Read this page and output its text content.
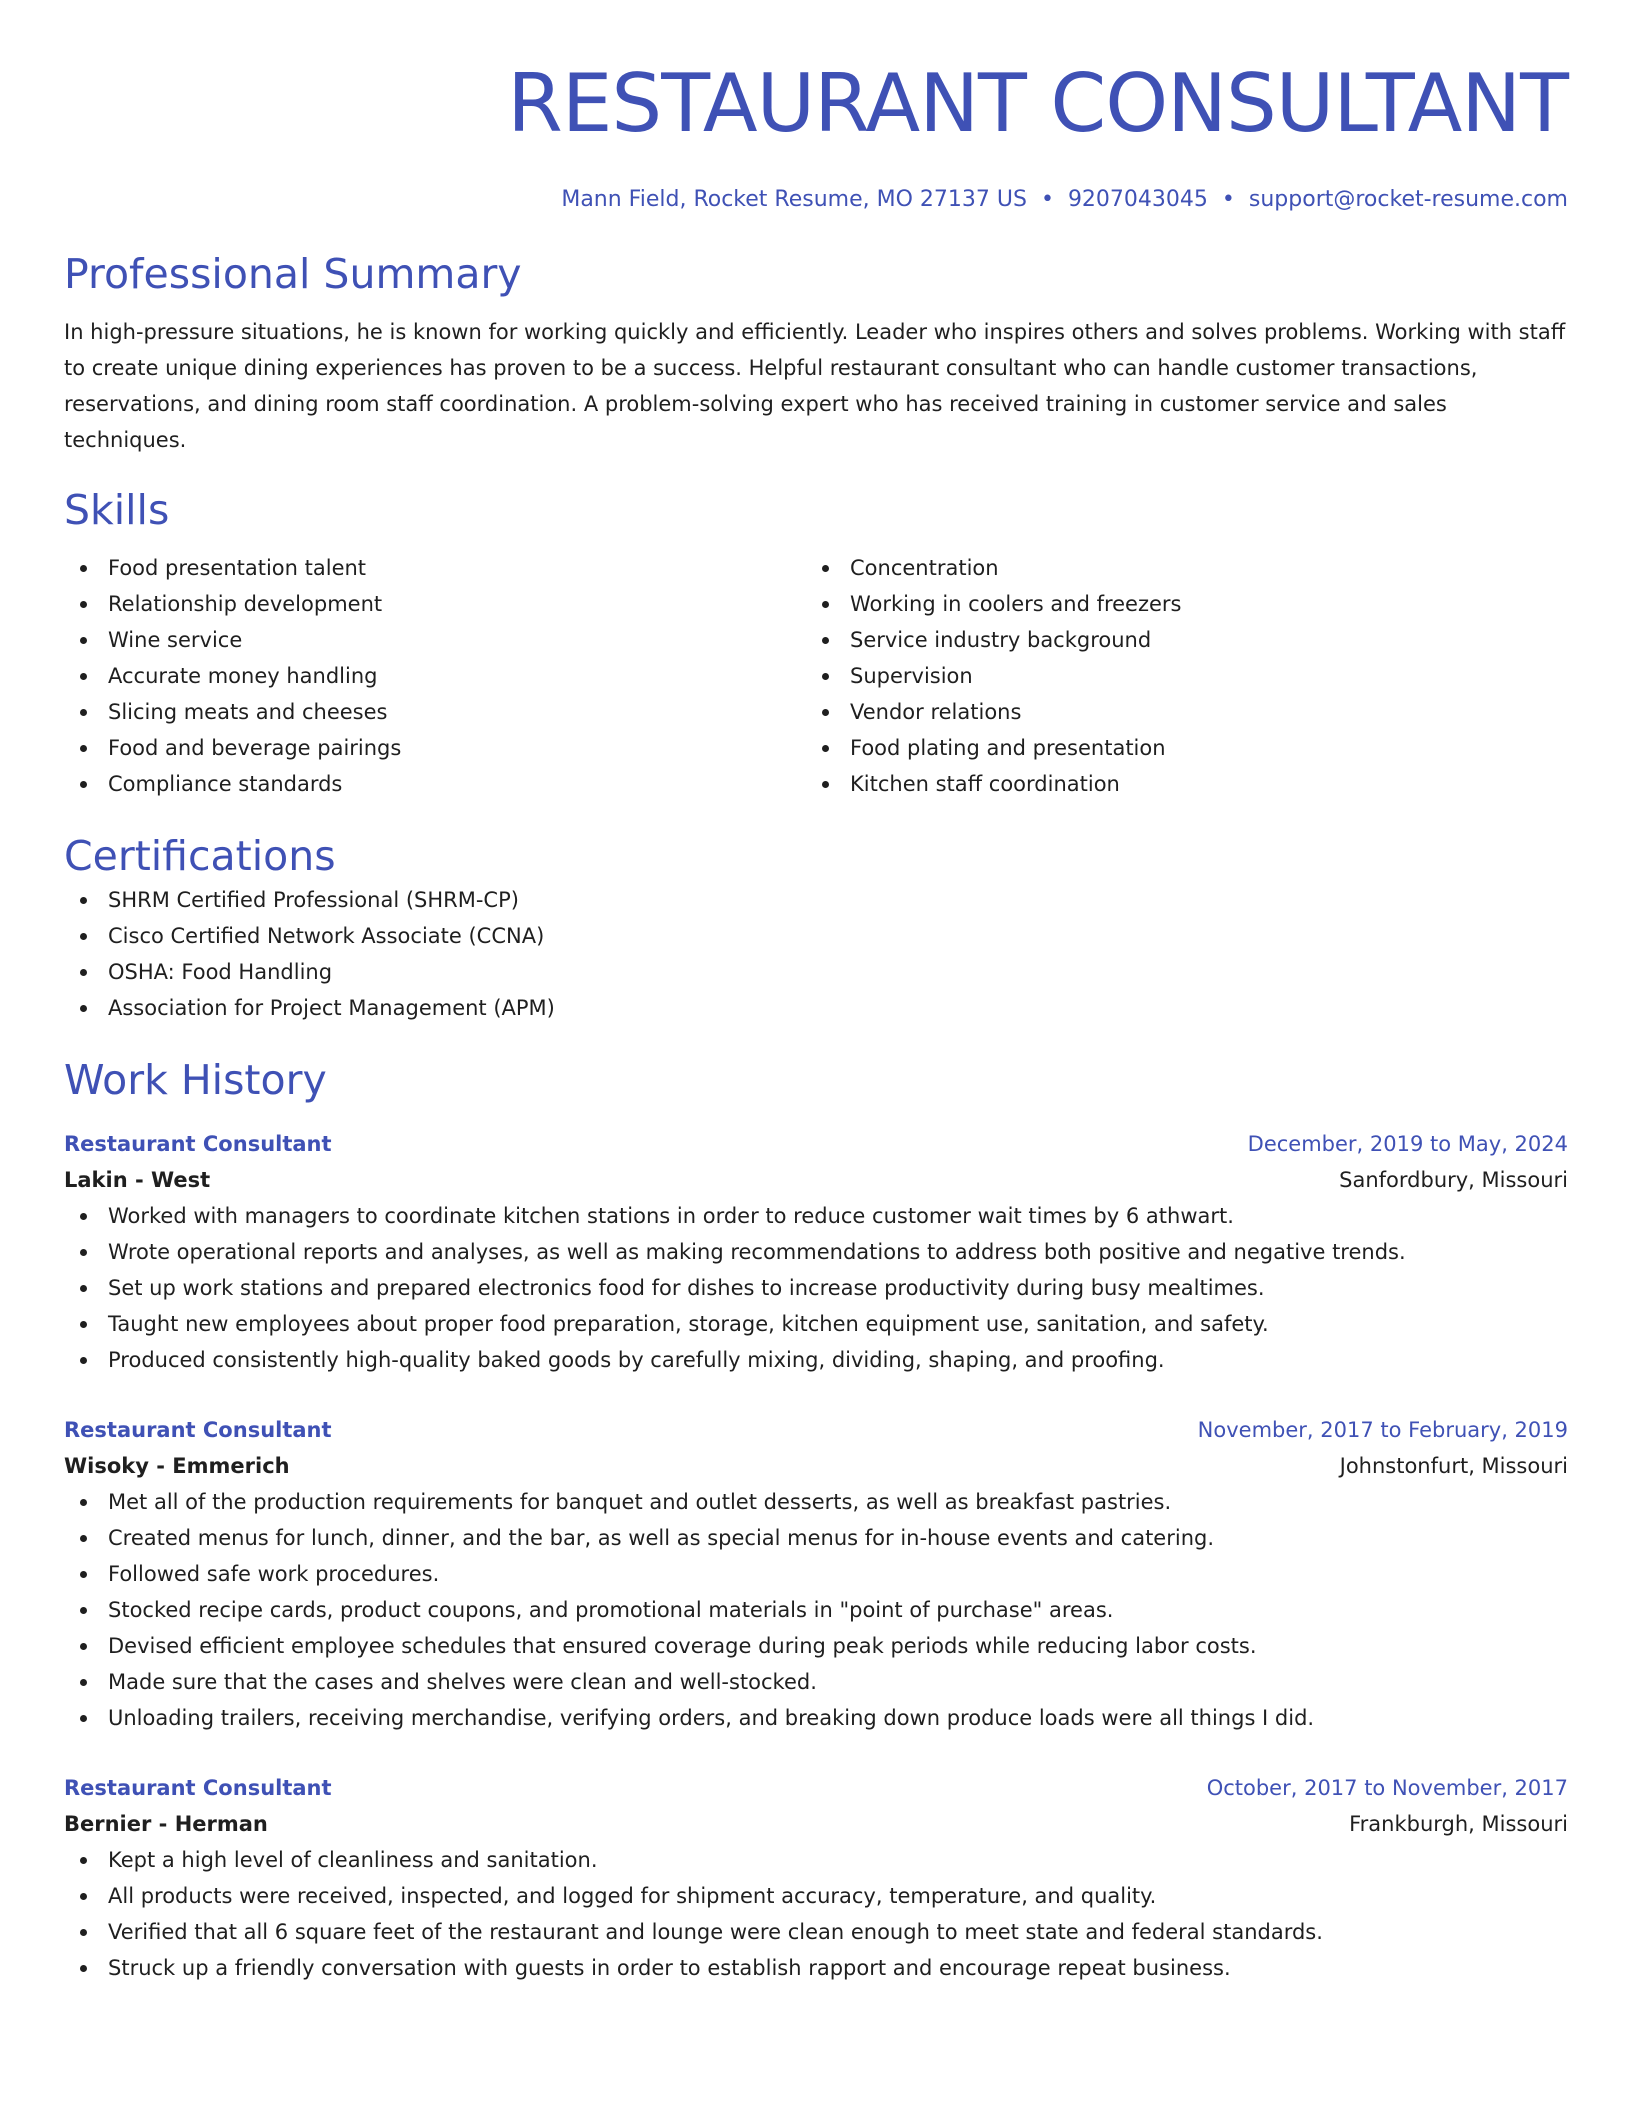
RESTAURANT CONSULTANT
Mann Field, Rocket Resume, MO 27137 US • 9207043045 • support@rocket-resume.com
Professional Summary

In high-pressure situations, he is known for working quickly and efficiently. Leader who inspires others and solves problems. Working with staff to create unique dining experiences has proven to be a success. Helpful restaurant consultant who can handle customer transactions, reservations, and dining room staff coordination. A problem-solving expert who has received training in customer service and sales techniques.

Skills
Food presentation talent
Relationship development
Wine service
Accurate money handling
Slicing meats and cheeses
Food and beverage pairings
Compliance standards
Concentration
Working in coolers and freezers
Service industry background
Supervision
Vendor relations
Food plating and presentation
Kitchen staff coordination
Certifications
SHRM Certified Professional (SHRM-CP)
Cisco Certified Network Associate (CCNA)
OSHA: Food Handling
Association for Project Management (APM)
Work History
Restaurant Consultant	December, 2019 to May, 2024
Lakin - West	Sanfordbury, Missouri
Worked with managers to coordinate kitchen stations in order to reduce customer wait times by 6 athwart.
Wrote operational reports and analyses, as well as making recommendations to address both positive and negative trends.
Set up work stations and prepared electronics food for dishes to increase productivity during busy mealtimes.
Taught new employees about proper food preparation, storage, kitchen equipment use, sanitation, and safety.
Produced consistently high-quality baked goods by carefully mixing, dividing, shaping, and proofing.
Restaurant Consultant	November, 2017 to February, 2019
Wisoky - Emmerich	Johnstonfurt, Missouri
Met all of the production requirements for banquet and outlet desserts, as well as breakfast pastries.
Created menus for lunch, dinner, and the bar, as well as special menus for in-house events and catering.
Followed safe work procedures.
Stocked recipe cards, product coupons, and promotional materials in "point of purchase" areas.
Devised efficient employee schedules that ensured coverage during peak periods while reducing labor costs.
Made sure that the cases and shelves were clean and well-stocked.
Unloading trailers, receiving merchandise, verifying orders, and breaking down produce loads were all things I did.
Restaurant Consultant	October, 2017 to November, 2017
Bernier - Herman	Frankburgh, Missouri
Kept a high level of cleanliness and sanitation.
All products were received, inspected, and logged for shipment accuracy, temperature, and quality.
Verified that all 6 square feet of the restaurant and lounge were clean enough to meet state and federal standards.
Struck up a friendly conversation with guests in order to establish rapport and encourage repeat business.
